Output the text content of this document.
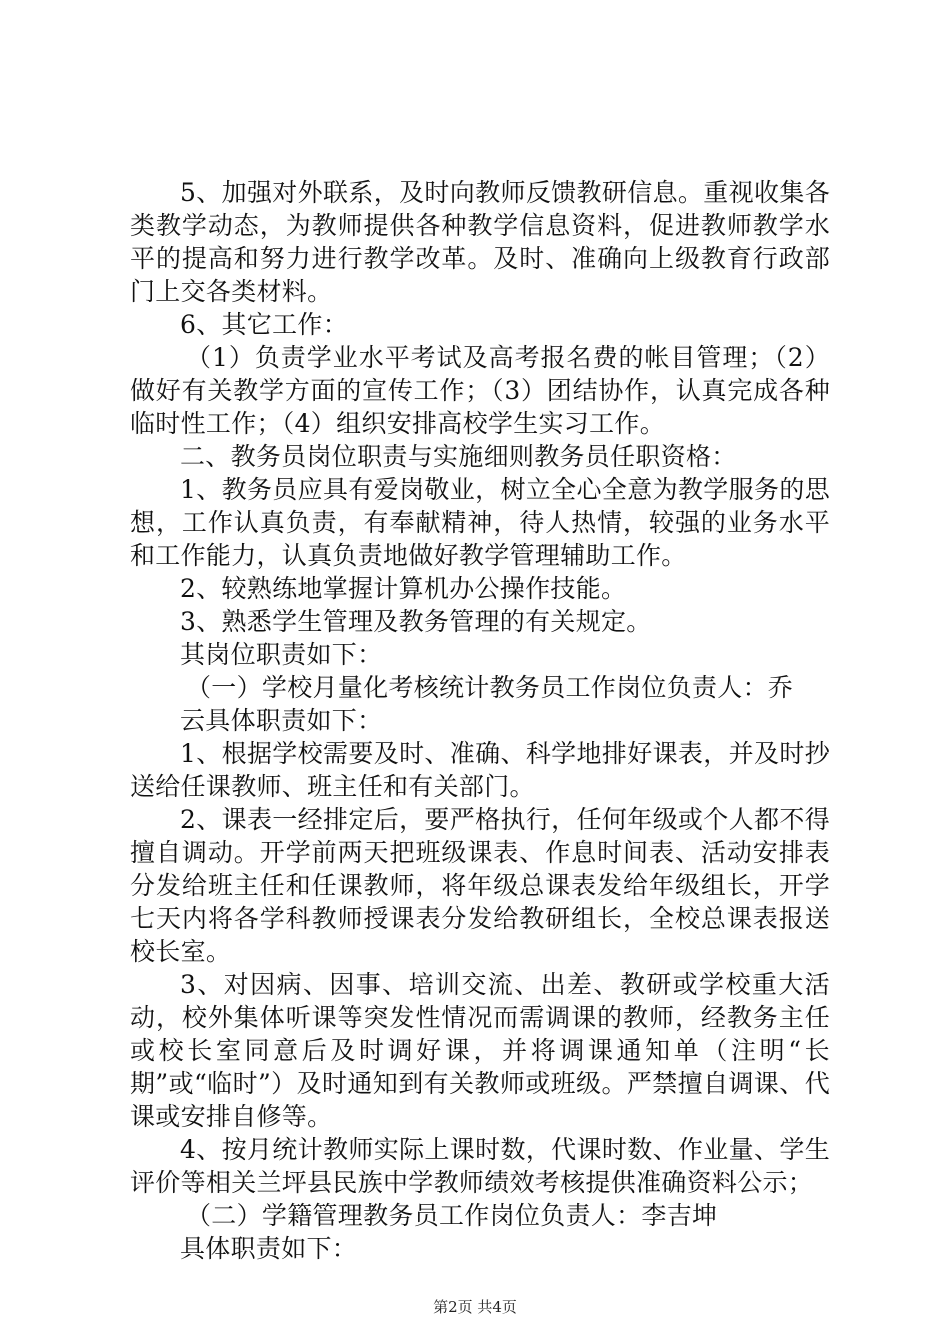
5、加强对外联系，及时向教师反馈教研信息。重视收集各类教学动态，为教师提供各种教学信息资料，促进教师教学水平的提高和努力进行教学改革。及时、准确向上级教育行政部门上交各类材料。

6、其它工作：

（1）负责学业水平考试及高考报名费的帐目管理；（2）做好有关教学方面的宣传工作；（3）团结协作，认真完成各种临时性工作；（4）组织安排高校学生实习工作。

二、教务员岗位职责与实施细则教务员任职资格：

1、教务员应具有爱岗敬业，树立全心全意为教学服务的思想，工作认真负责，有奉献精神，待人热情，较强的业务水平和工作能力，认真负责地做好教学管理辅助工作。

2、较熟练地掌握计算机办公操作技能。

3、熟悉学生管理及教务管理的有关规定。

其岗位职责如下：

（一）学校月量化考核统计教务员工作岗位负责人：乔

云具体职责如下：

1、根据学校需要及时、准确、科学地排好课表，并及时抄送给任课教师、班主任和有关部门。

2、课表一经排定后，要严格执行，任何年级或个人都不得擅自调动。开学前两天把班级课表、作息时间表、活动安排表分发给班主任和任课教师，将年级总课表发给年级组长，开学七天内将各学科教师授课表分发给教研组长，全校总课表报送校长室。

3、对因病、因事、培训交流、出差、教研或学校重大活动，校外集体听课等突发性情况而需调课的教师，经教务主任或校长室同意后及时调好课，并将调课通知单（注明“长期”或“临时”）及时通知到有关教师或班级。严禁擅自调课、代课或安排自修等。

4、按月统计教师实际上课时数，代课时数、作业量、学生评价等相关兰坪县民族中学教师绩效考核提供准确资料公示；

（二）学籍管理教务员工作岗位负责人：李吉坤

具体职责如下：

第2页 共4页
